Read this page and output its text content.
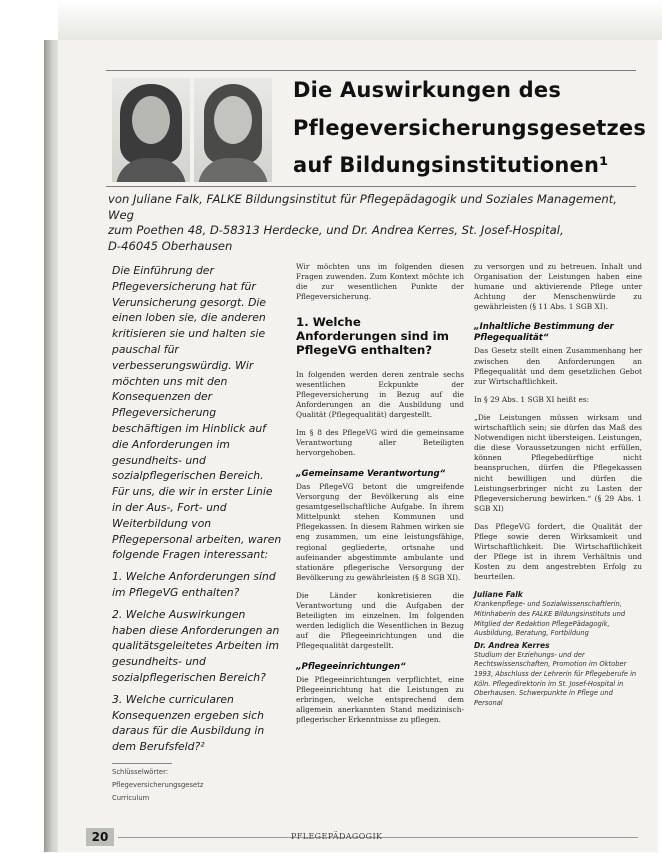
Die Auswirkungen des
Pflegeversicherungsgesetzes
auf Bildungsinstitutionen¹
von Juliane Falk, FALKE Bildungsinstitut für Pflegepädagogik und Soziales Management, Weg
zum Poethen 48, D-58313 Herdecke, und Dr. Andrea Kerres, St. Josef-Hospital,
D-46045 Oberhausen

Die Einführung der Pflegeversicherung hat für Verunsicherung gesorgt. Die einen loben sie, die anderen kritisieren sie und halten sie pauschal für verbesserungswürdig. Wir möchten uns mit den Konsequenzen der Pflegeversicherung beschäftigen im Hinblick auf die Anforderungen im gesundheits- und sozialpflegerischen Bereich. Für uns, die wir in erster Linie in der Aus-, Fort- und Weiterbildung von Pflegepersonal arbeiten, waren folgende Fragen interessant:

1. Welche Anforderungen sind im PflegeVG enthalten?

2. Welche Auswirkungen haben diese Anforderungen an qualitätsgeleitetes Arbeiten im gesundheits- und sozialpflegerischen Bereich?

3. Welche curricularen Konsequenzen ergeben sich daraus für die Ausbildung in dem Berufsfeld?²

Schlüsselwörter:
Pflegeversicherungsgesetz
Curriculum

Wir möchten uns im folgenden diesen Fragen zuwenden. Zum Kontext möchte ich die zur wesentlichen Punkte der Pflegeversicherung.

1. Welche Anforderungen sind im PflegeVG enthalten?

In folgenden werden deren zentrale sechs wesentlichen Eckpunkte der Pflegeversicherung in Bezug auf die Anforderungen an die Ausbildung und Qualität (Pflegequalität) dargestellt.

Im § 8 des PflegeVG wird die gemeinsame Verantwortung aller Beteiligten hervorgehoben.

„Gemeinsame Verantwortung“

Das PflegeVG betont die umgreifende Versorgung der Bevölkerung als eine gesamtgesellschaftliche Aufgabe. In ihrem Mittelpunkt stehen Kommunen und Pflegekassen. In diesem Rahmen wirken sie eng zusammen, um eine leistungsfähige, regional gegliederte, ortsnahe und aufeinander abgestimmte ambulante und stationäre pflegerische Versorgung der Bevölkerung zu gewährleisten (§ 8 SGB XI).

Die Länder konkretisieren die Verantwortung und die Aufgaben der Beteiligten im einzelnen. Im folgenden werden lediglich die Wesentlichen in Bezug auf die Pflegeeinrichtungen und die Pflegequalität dargestellt.

„Pflegeeinrichtungen“

Die Pflegeeinrichtungen verpflichtet, eine Pflegeeinrichtung hat die Leistungen zu erbringen, welche entsprechend dem allgemein anerkannten Stand medizinisch-pflegerischer Erkenntnisse zu pflegen.

zu versorgen und zu betreuen. Inhalt und Organisation der Leistungen haben eine humane und aktivierende Pflege unter Achtung der Menschenwürde zu gewährleisten (§ 11 Abs. 1 SGB XI).

„Inhaltliche Bestimmung der Pflegequalität“

Das Gesetz stellt einen Zusammenhang her zwischen den Anforderungen an Pflegequalität und dem gesetzlichen Gebot zur Wirtschaftlichkeit.

In § 29 Abs. 1 SGB XI heißt es:

„Die Leistungen müssen wirksam und wirtschaftlich sein; sie dürfen das Maß des Notwendigen nicht übersteigen. Leistungen, die diese Voraussetzungen nicht erfüllen, können Pflegebedürftige nicht beanspruchen, dürfen die Pflegekassen nicht bewilligen und dürfen die Leistungserbringer nicht zu Lasten der Pflegeversicherung bewirken.“ (§ 29 Abs. 1 SGB XI)

Das PflegeVG fordert, die Qualität der Pflege sowie deren Wirksamkeit und Wirtschaftlichkeit. Die Wirtschaftlichkeit der Pflege ist in ihrem Verhältnis und Kosten zu dem angestrebten Erfolg zu beurteilen.

Juliane Falk
Krankenpflege- und Sozialwissenschaftlerin, Mitinhaberin des FALKE Bildungsinstituts und Mitglied der Redaktion PflegePädagogik, Ausbildung, Beratung, Fortbildung
Dr. Andrea Kerres
Studium der Erziehungs- und der Rechtswissenschaften, Promotion im Oktober 1993, Abschluss der Lehrerin für Pflegeberufe in Köln. Pflegedirektorin im St. Josef-Hospital in Oberhausen. Schwerpunkte in Pflege und Personal
20	PFLEGEPÄDAGOGIK
